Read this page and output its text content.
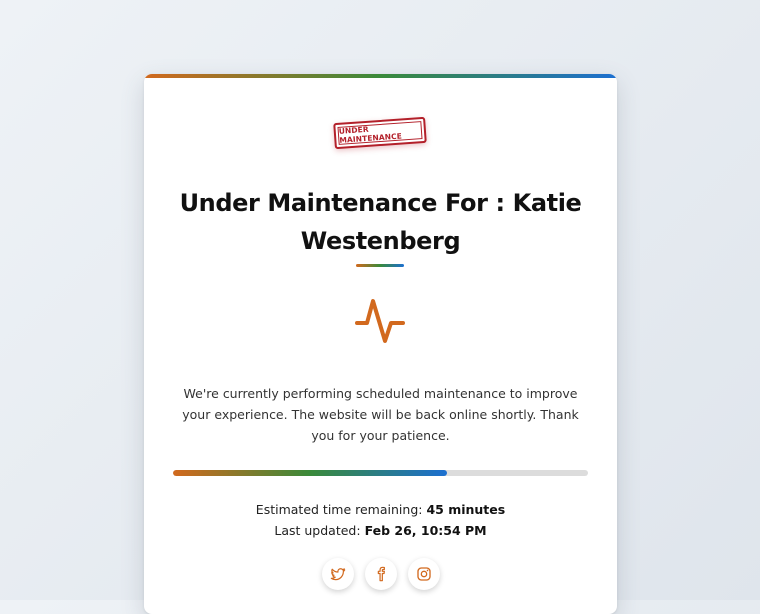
UNDER MAINTENANCE
Under Maintenance For : Katie Westenberg

We're currently performing scheduled maintenance to improve your experience. The website will be back online shortly. Thank you for your patience.

Estimated time remaining: 45 minutes
Last updated: Feb 26, 10:54 PM
